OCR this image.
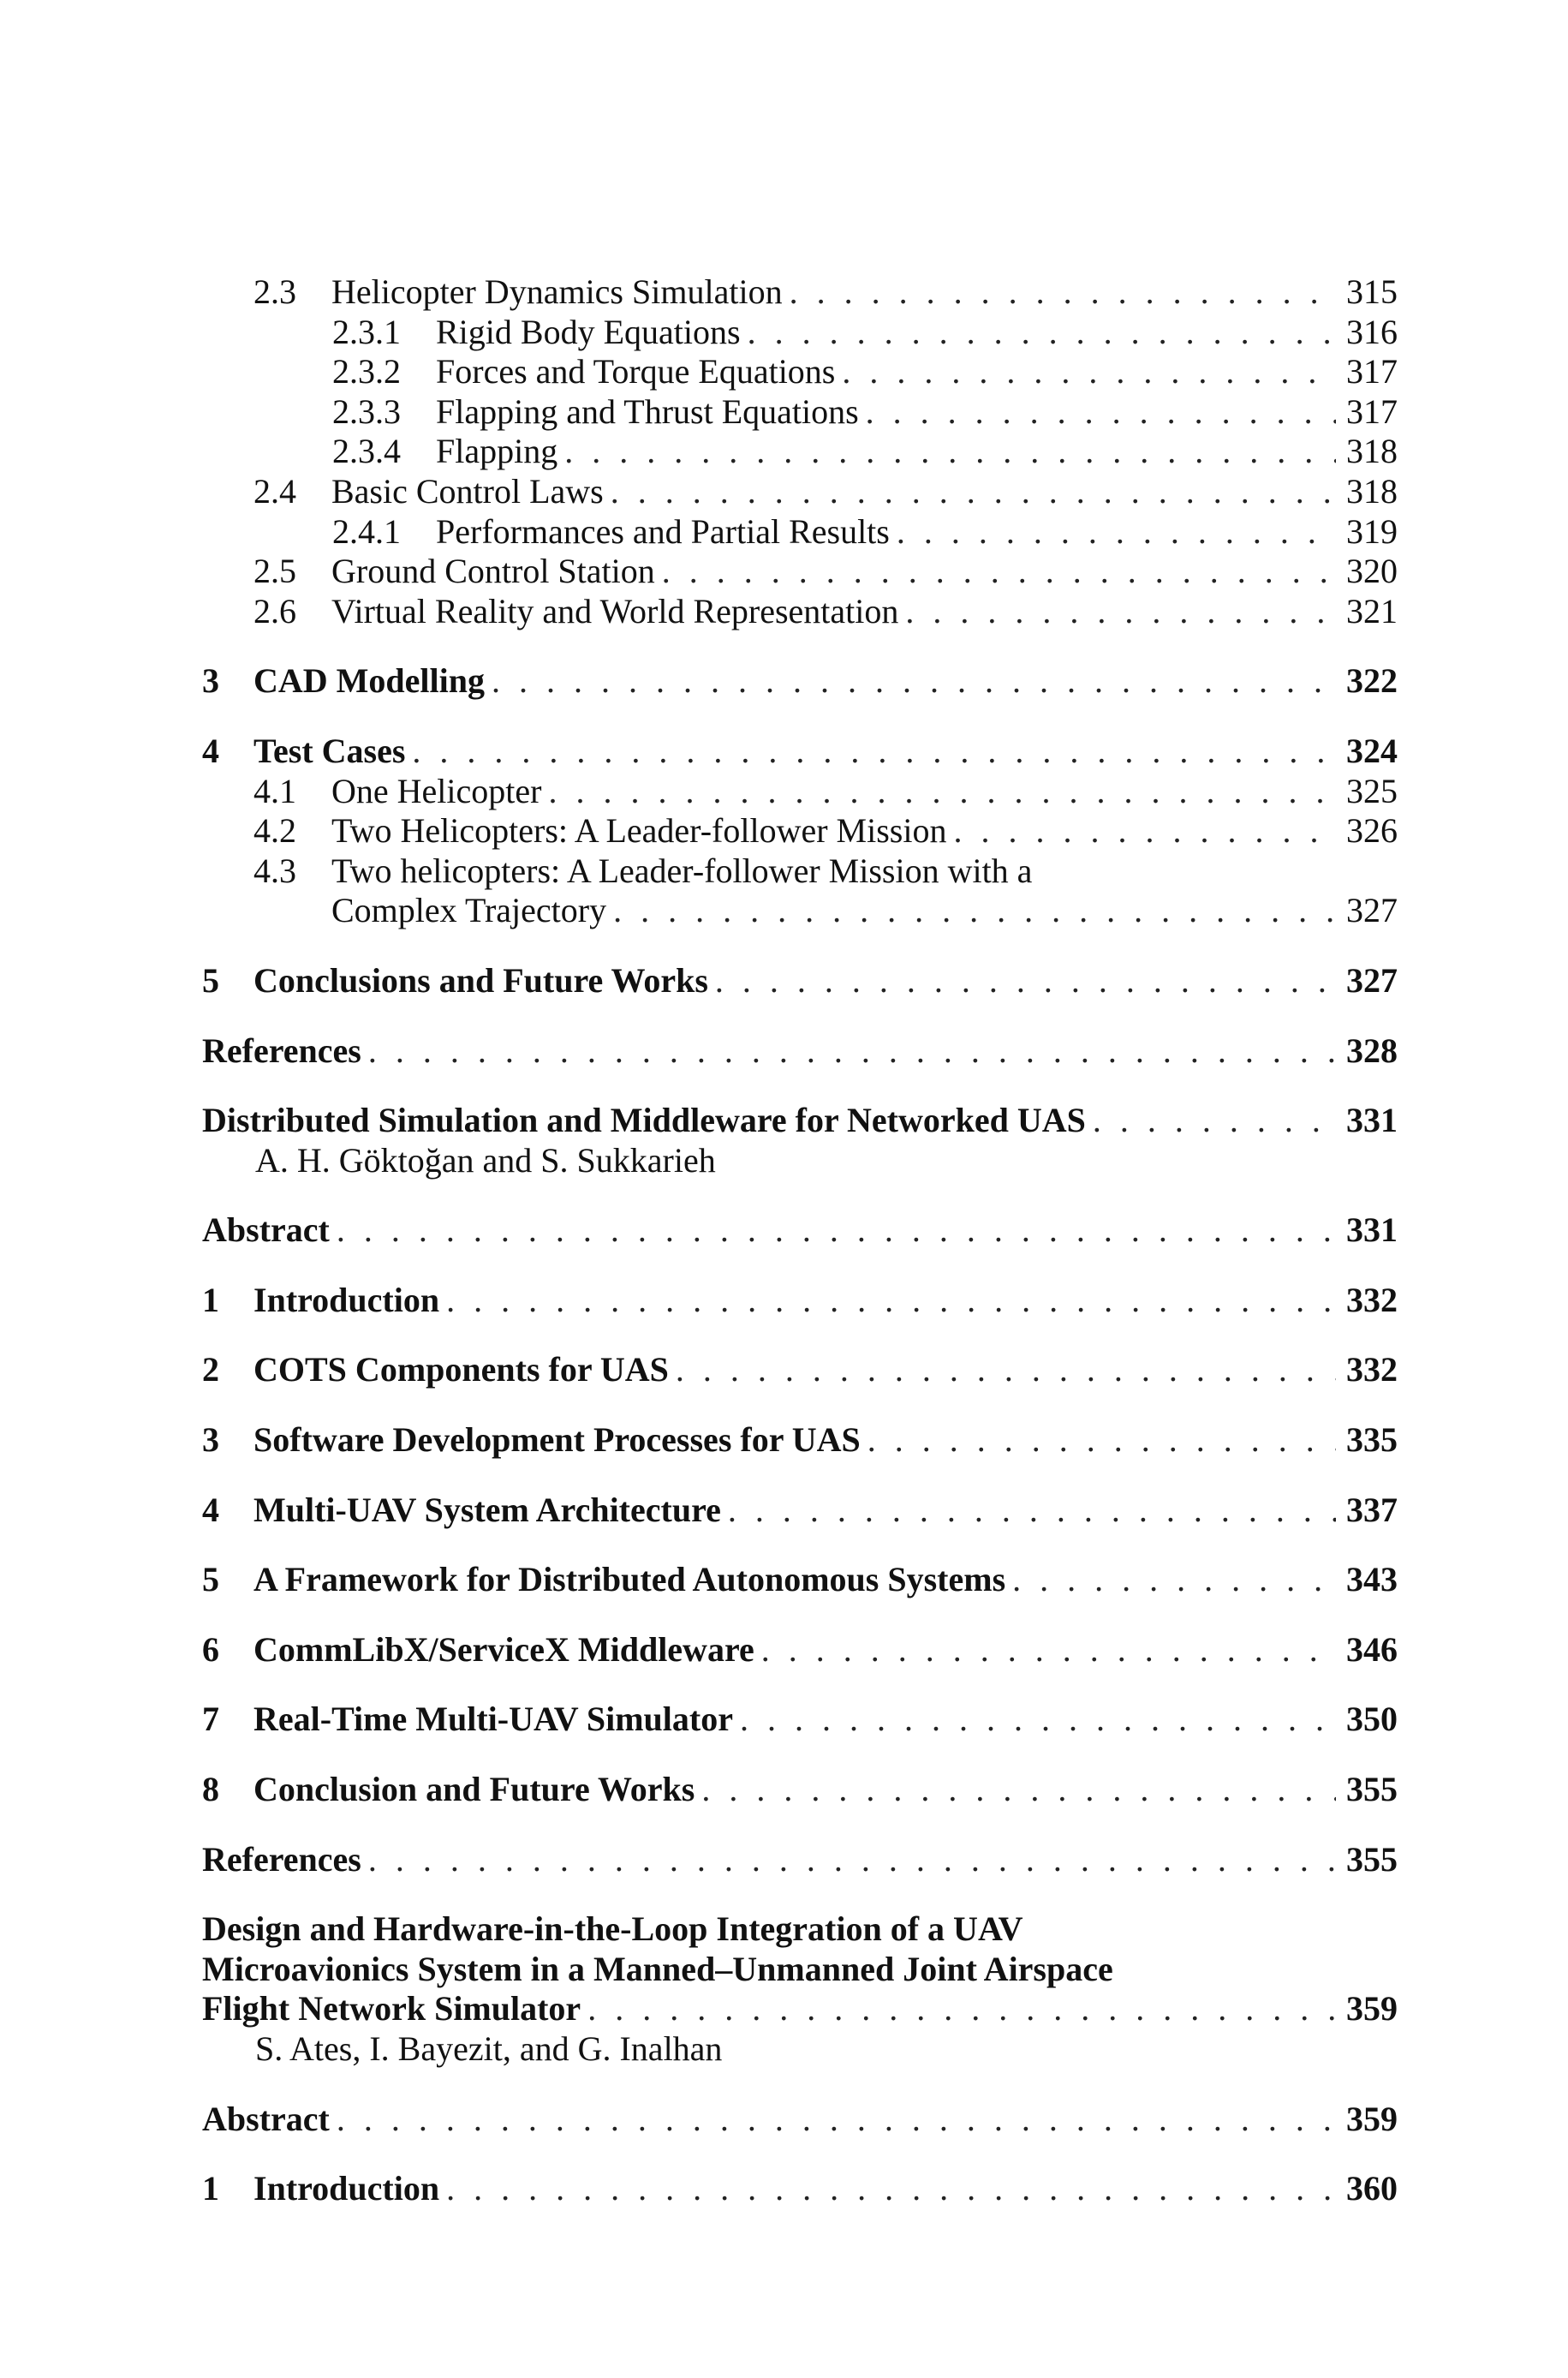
2.3	Helicopter Dynamics Simulation . . .	315
2.3.1	Rigid Body Equations . . .	316
2.3.2	Forces and Torque Equations . . .	317
2.3.3	Flapping and Thrust Equations . . .	317
2.3.4	Flapping . . .	318
2.4	Basic Control Laws . . .	318
2.4.1	Performances and Partial Results . . .	319
2.5	Ground Control Station . . .	320
2.6	Virtual Reality and World Representation . . .	321
3	CAD Modelling . . .	322
4	Test Cases . . .	324
4.1	One Helicopter . . .	325
4.2	Two Helicopters: A Leader-follower Mission . . .	326
4.3	Two helicopters: A Leader-follower Mission with a
Complex Trajectory . . .	327
5	Conclusions and Future Works . . .	327
References . . .	328
Distributed Simulation and Middleware for Networked UAS . . .	331
A. H. Göktoğan and S. Sukkarieh
Abstract . . .	331
1	Introduction . . .	332
2	COTS Components for UAS . . .	332
3	Software Development Processes for UAS . . .	335
4	Multi-UAV System Architecture . . .	337
5	A Framework for Distributed Autonomous Systems . . .	343
6	CommLibX/ServiceX Middleware . . .	346
7	Real-Time Multi-UAV Simulator . . .	350
8	Conclusion and Future Works . . .	355
References . . .	355
Design and Hardware-in-the-Loop Integration of a UAV
Microavionics System in a Manned–Unmanned Joint Airspace
Flight Network Simulator . . .	359
S. Ates, I. Bayezit, and G. Inalhan
Abstract . . .	359
1	Introduction . . .	360
